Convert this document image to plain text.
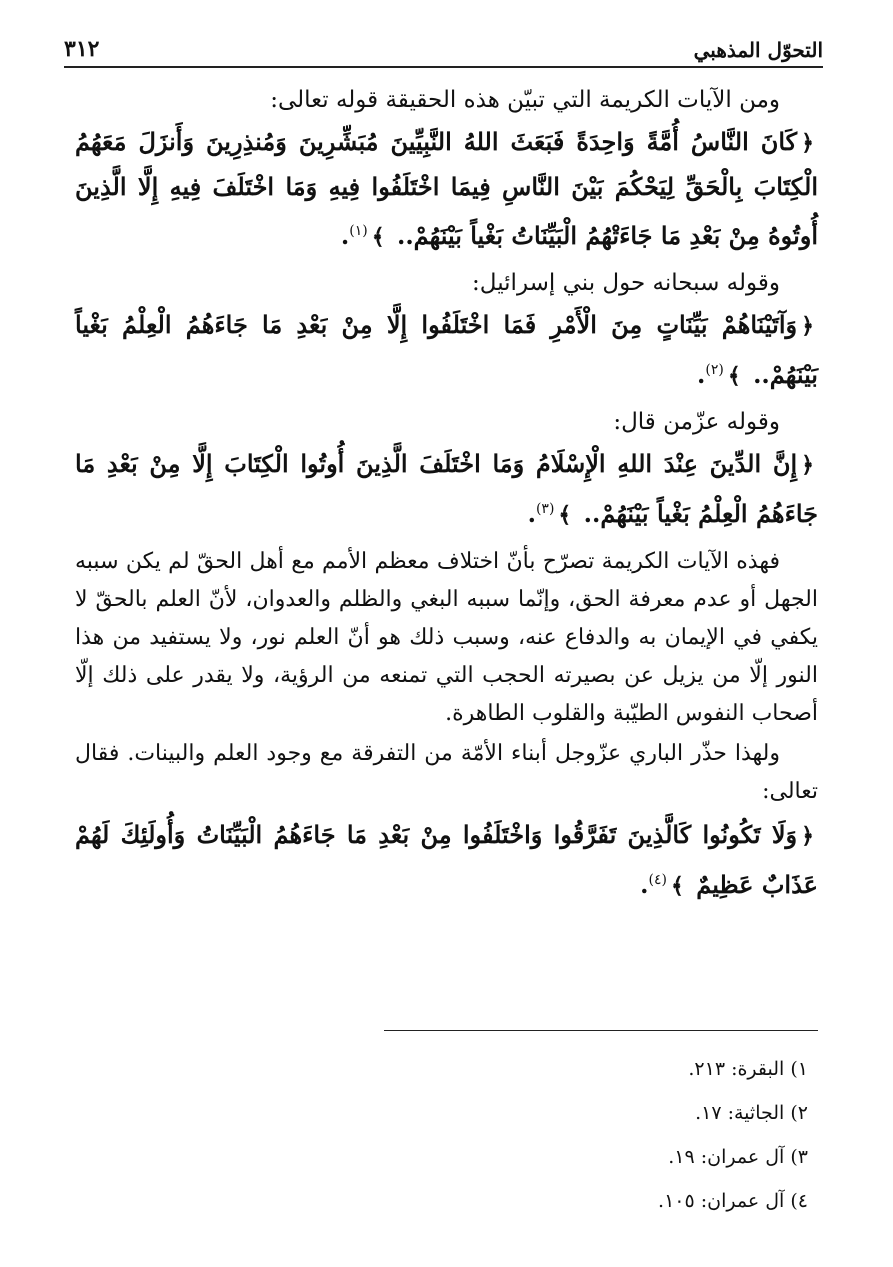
التحوّل المذهبي
٣١٢

ومن الآيات الكريمة التي تبيّن هذه الحقيقة قوله تعالى:

﴿كَانَ النَّاسُ أُمَّةً وَاحِدَةً فَبَعَثَ اللهُ النَّبِيِّينَ مُبَشِّرِينَ وَمُنذِرِينَ وَأَنزَلَ مَعَهُمُ الْكِتَابَ بِالْحَقِّ لِيَحْكُمَ بَيْنَ النَّاسِ فِيمَا اخْتَلَفُوا فِيهِ وَمَا اخْتَلَفَ فِيهِ إِلَّا الَّذِينَ أُوتُوهُ مِنْ بَعْدِ مَا جَاءَتْهُمُ الْبَيِّنَاتُ بَغْياً بَيْنَهُمْ.. ﴾$^{(١)}$.

وقوله سبحانه حول بني إسرائيل:

﴿وَآتَيْنَاهُمْ بَيِّنَاتٍ مِنَ الْأَمْرِ فَمَا اخْتَلَفُوا إِلَّا مِنْ بَعْدِ مَا جَاءَهُمُ الْعِلْمُ بَغْياً بَيْنَهُمْ.. ﴾$^{(٢)}$.

وقوله عزّمن قال:

﴿إِنَّ الدِّينَ عِنْدَ اللهِ الْإِسْلَامُ وَمَا اخْتَلَفَ الَّذِينَ أُوتُوا الْكِتَابَ إِلَّا مِنْ بَعْدِ مَا جَاءَهُمُ الْعِلْمُ بَغْياً بَيْنَهُمْ.. ﴾$^{(٣)}$.

فهذه الآيات الكريمة تصرّح بأنّ اختلاف معظم الأمم مع أهل الحقّ لم يكن سببه الجهل أو عدم معرفة الحق، وإنّما سببه البغي والظلم والعدوان، لأنّ العلم بالحقّ لا يكفي في الإيمان به والدفاع عنه، وسبب ذلك هو أنّ العلم نور، ولا يستفيد من هذا النور إلّا من يزيل عن بصيرته الحجب التي تمنعه من الرؤية، ولا يقدر على ذلك إلّا أصحاب النفوس الطيّبة والقلوب الطاهرة.

ولهذا حذّر الباري عزّوجل أبناء الأمّة من التفرقة مع وجود العلم والبينات. فقال تعالى:

﴿وَلَا تَكُونُوا كَالَّذِينَ تَفَرَّقُوا وَاخْتَلَفُوا مِنْ بَعْدِ مَا جَاءَهُمُ الْبَيِّنَاتُ وَأُولَئِكَ لَهُمْ عَذَابٌ عَظِيمٌ ﴾$^{(٤)}$.

١) البقرة: ٢١٣.
٢) الجاثية: ١٧.
٣) آل عمران: ١٩.
٤) آل عمران: ١٠٥.
